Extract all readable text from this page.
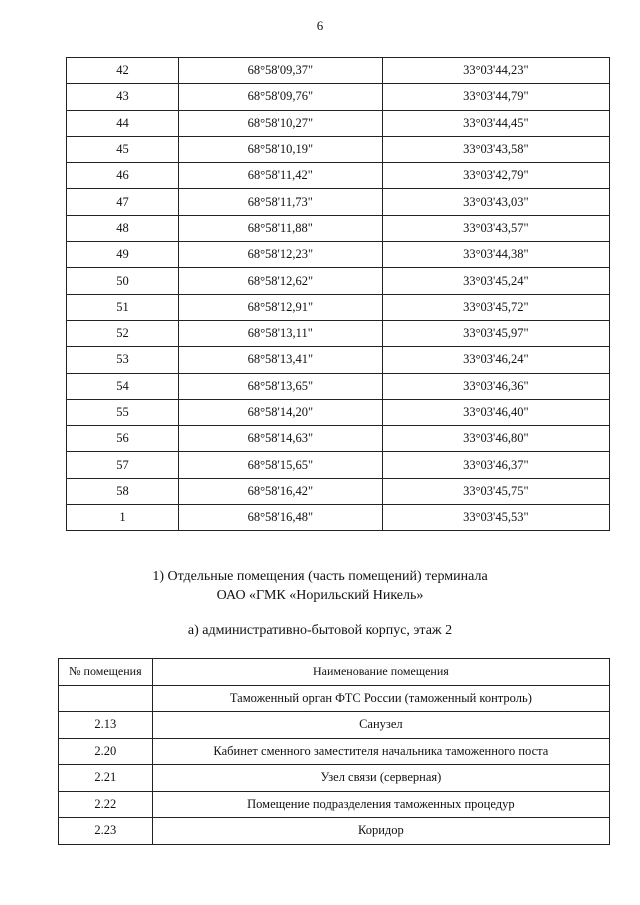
6
42	68°58'09,37"	33°03'44,23"
43	68°58'09,76"	33°03'44,79"
44	68°58'10,27"	33°03'44,45"
45	68°58'10,19"	33°03'43,58"
46	68°58'11,42"	33°03'42,79"
47	68°58'11,73"	33°03'43,03"
48	68°58'11,88"	33°03'43,57"
49	68°58'12,23"	33°03'44,38"
50	68°58'12,62"	33°03'45,24"
51	68°58'12,91"	33°03'45,72"
52	68°58'13,11"	33°03'45,97"
53	68°58'13,41"	33°03'46,24"
54	68°58'13,65"	33°03'46,36"
55	68°58'14,20"	33°03'46,40"
56	68°58'14,63"	33°03'46,80"
57	68°58'15,65"	33°03'46,37"
58	68°58'16,42"	33°03'45,75"
1	68°58'16,48"	33°03'45,53"
1) Отдельные помещения (часть помещений) терминала
ОАО «ГМК «Норильский Никель»
а) административно-бытовой корпус, этаж 2
№ помещения	Наименование помещения
	Таможенный орган ФТС России (таможенный контроль)
2.13	Санузел
2.20	Кабинет сменного заместителя начальника таможенного поста
2.21	Узел связи (серверная)
2.22	Помещение подразделения таможенных процедур
2.23	Коридор
